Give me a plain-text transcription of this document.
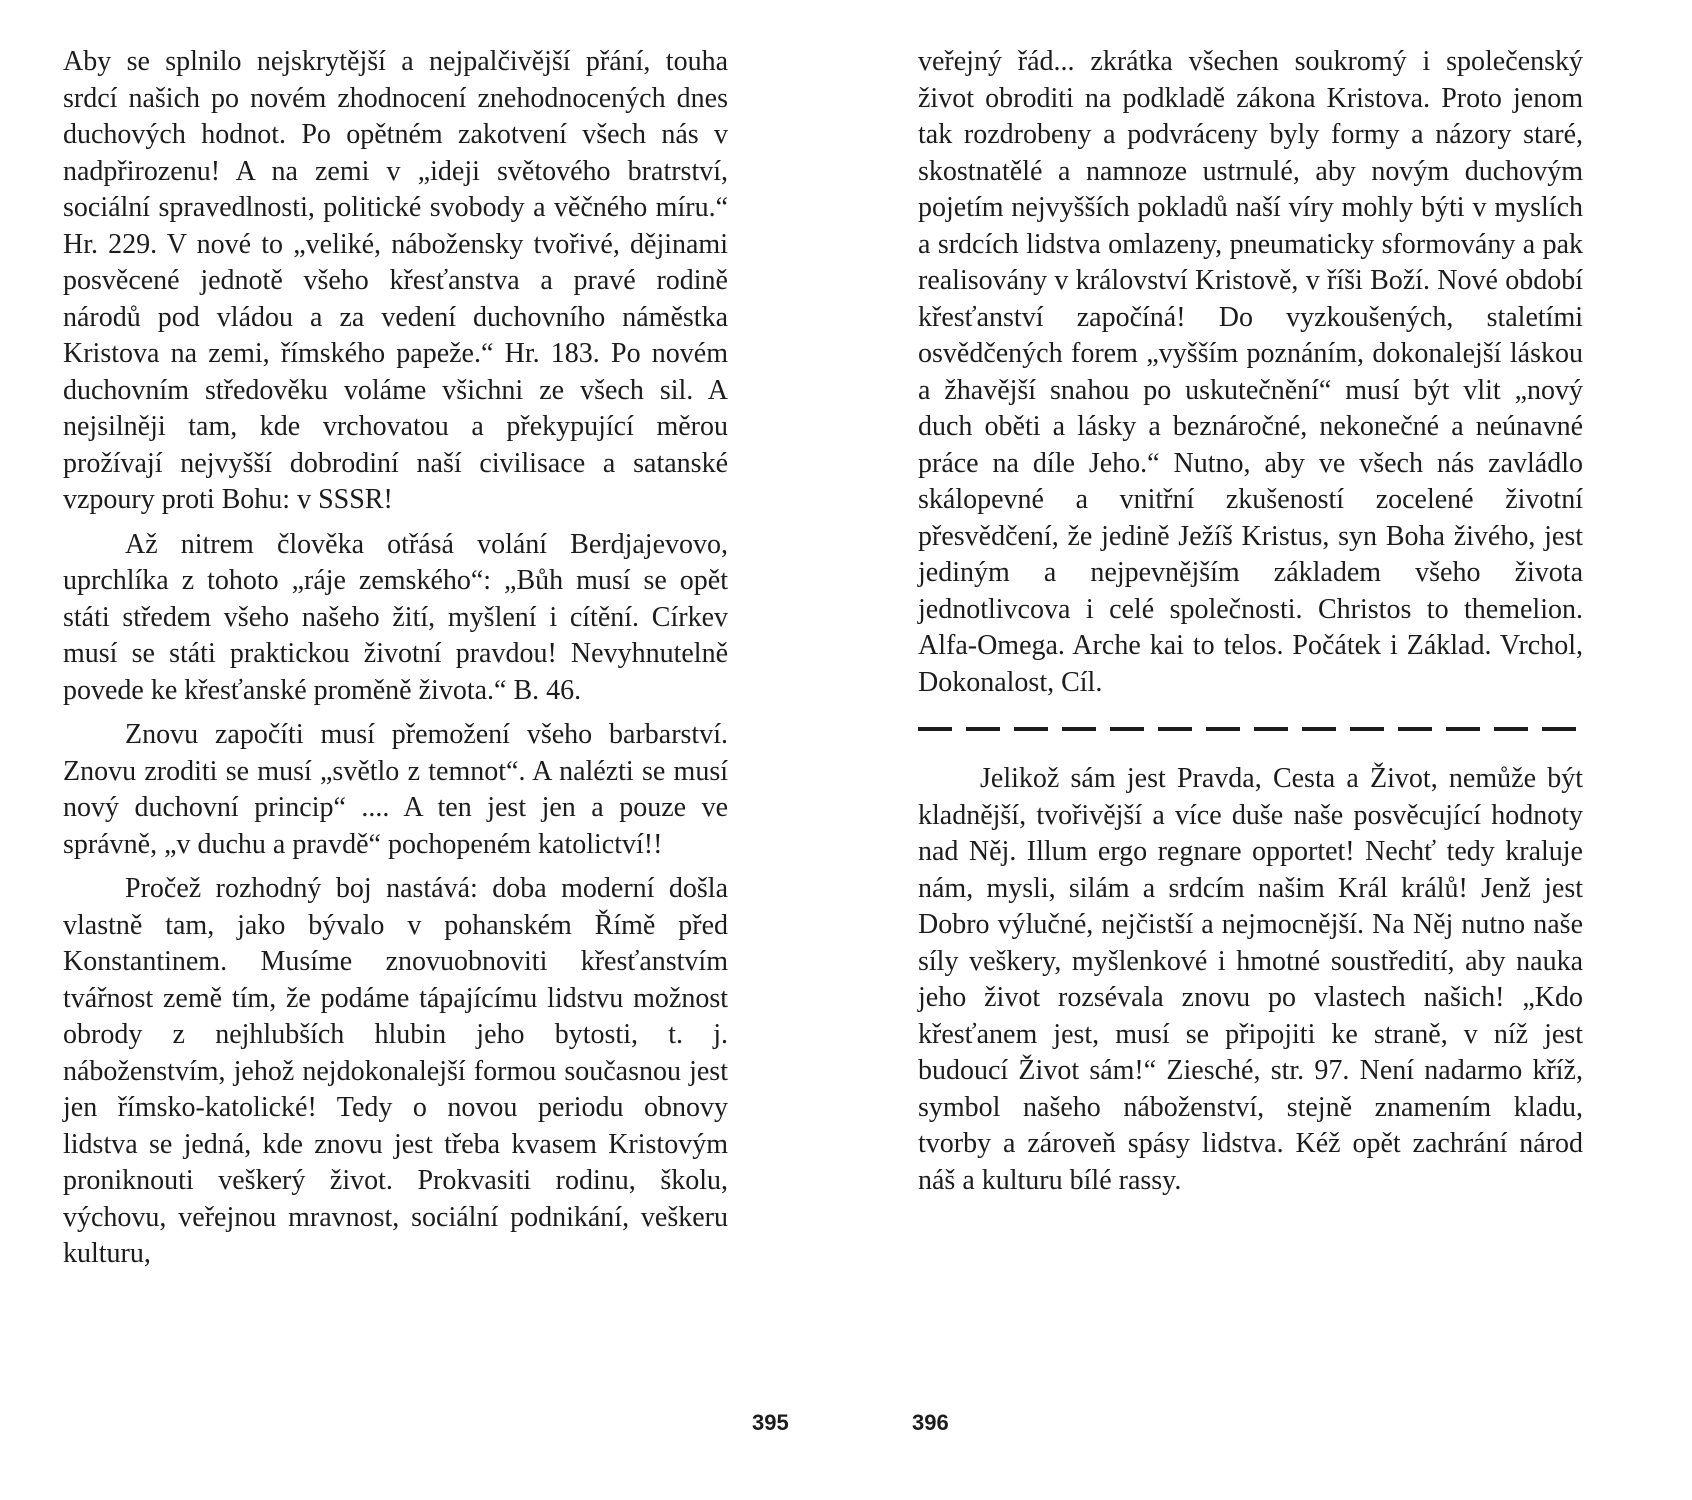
Aby se splnilo nejskrytější a nejpalčivější přání, touha srdcí našich po novém zhodnocení znehodnocených dnes duchových hodnot. Po opětném zakotvení všech nás v nadpřirozenu! A na zemi v „ideji světového bratrství, sociální spravedlnosti, politické svobody a věčného míru.“ Hr. 229. V nové to „veliké, nábožensky tvořivé, dějinami posvěcené jednotě všeho křesťanstva a pravé rodině národů pod vládou a za vedení duchovního náměstka Kristova na zemi, římského papeže.“ Hr. 183. Po novém duchovním středověku voláme všichni ze všech sil. A nejsilněji tam, kde vrchovatou a překypující měrou prožívají nejvyšší dobrodiní naší civilisace a satanské vzpoury proti Bohu: v SSSR!

Až nitrem člověka otřásá volání Berdjajevovo, uprchlíka z tohoto „ráje zemského“: „Bůh musí se opět státi středem všeho našeho žití, myšlení i cítění. Církev musí se státi praktickou životní pravdou! Nevyhnutelně povede ke křesťanské proměně života.“ B. 46.

Znovu započíti musí přemožení všeho barbarství. Znovu zroditi se musí „světlo z temnot“. A nalézti se musí nový duchovní princip“ .... A ten jest jen a pouze ve správně, „v duchu a pravdě“ pochopeném katolictví!!

Pročež rozhodný boj nastává: doba moderní došla vlastně tam, jako bývalo v pohanském Římě před Konstantinem. Musíme znovuobnoviti křesťanstvím tvářnost země tím, že podáme tápajícímu lidstvu možnost obrody z nejhlubších hlubin jeho bytosti, t. j. náboženstvím, jehož nejdokonalejší formou současnou jest jen římsko-katolické! Tedy o novou periodu obnovy lidstva se jedná, kde znovu jest třeba kvasem Kristovým proniknouti veškerý život. Prokvasiti rodinu, školu, výchovu, veřejnou mravnost, sociální podnikání, veškeru kulturu,

veřejný řád... zkrátka všechen soukromý i společenský život obroditi na podkladě zákona Kristova. Proto jenom tak rozdrobeny a podvráceny byly formy a názory staré, skostnatělé a namnoze ustrnulé, aby novým duchovým pojetím nejvyšších pokladů naší víry mohly býti v myslích a srdcích lidstva omlazeny, pneumaticky sformovány a pak realisovány v království Kristově, v říši Boží. Nové období křesťanství započíná! Do vyzkoušených, staletími osvědčených forem „vyšším poznáním, dokonalejší láskou a žhavější snahou po uskutečnění“ musí být vlit „nový duch oběti a lásky a beznáročné, nekonečné a neúnavné práce na díle Jeho.“ Nutno, aby ve všech nás zavládlo skálopevné a vnitřní zkušeností zocelené životní přesvědčení, že jedině Ježíš Kristus, syn Boha živého, jest jediným a nejpevnějším základem všeho života jednotlivcova i celé společnosti. Christos to themelion. Alfa-Omega. Arche kai to telos. Počátek i Základ. Vrchol, Dokonalost, Cíl.

Jelikož sám jest Pravda, Cesta a Život, nemůže být kladnější, tvořivější a více duše naše posvěcující hodnoty nad Něj. Illum ergo regnare opportet! Nechť tedy kraluje nám, mysli, silám a srdcím našim Král králů! Jenž jest Dobro výlučné, nejčistší a nejmocnější. Na Něj nutno naše síly veškery, myšlenkové i hmotné soustředití, aby nauka jeho život rozsévala znovu po vlastech našich! „Kdo křesťanem jest, musí se připojiti ke straně, v níž jest budoucí Život sám!“ Ziesché, str. 97. Není nadarmo kříž, symbol našeho náboženství, stejně znamením kladu, tvorby a zároveň spásy lidstva. Kéž opět zachrání národ náš a kulturu bílé rassy.

395	396
